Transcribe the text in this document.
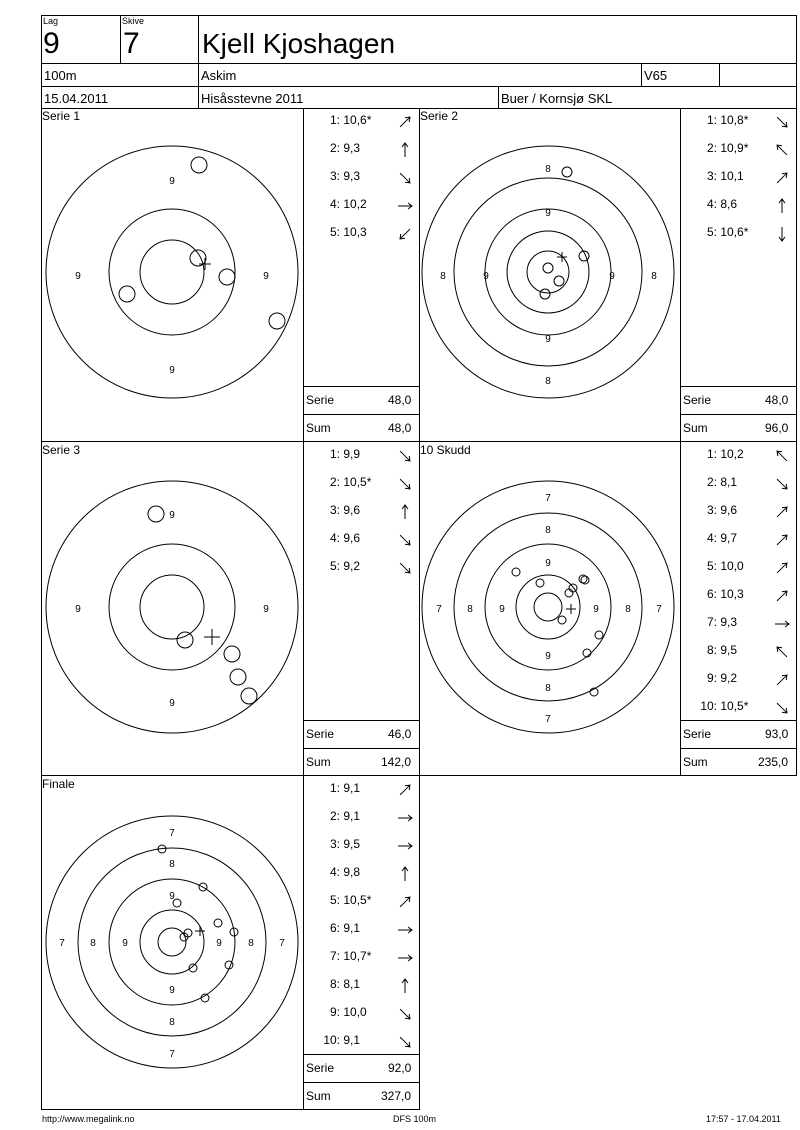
Lag
9
Skive
7 Kjell Kjoshagen
100m	Askim	V65
15.04.2011	Hisåsstevne 2011	Buer / Kornsjø SKL
Serie 1	Serie 2
Serie 3	10 Skudd
Finale
Serie	48,0
Sum	48,0
Serie	48,0
Sum	96,0
Serie	46,0
Sum	142,0
Serie	93,0
Sum	235,0
Serie	92,0
Sum	327,0
1: 10,6*
2: 9,3
3: 9,3
4: 10,2
5: 10,3
1: 10,8*
2: 10,9*
3: 10,1
4: 8,6
5: 10,6*
1: 9,9
2: 10,5*
3: 9,6
4: 9,6
5: 9,2
1: 10,2
2: 8,1
3: 9,6
4: 9,7
5: 10,0
6: 10,3
7: 9,3
8: 9,5
9: 9,2
10: 10,5*
1: 9,1
2: 9,1
3: 9,5
4: 9,8
5: 10,5*
6: 9,1
7: 10,7*
8: 8,1
9: 10,0
10: 9,1
9
9	9
9
8
9
9
8
8	9	9	8
9
9	9
9
7
8
9
9
8
7
7	8	9	9	8	7
7
8
9
9
8
7
7	8	9	9	8	7
http://www.megalink.no	DFS 100m	17:57 - 17.04.2011
